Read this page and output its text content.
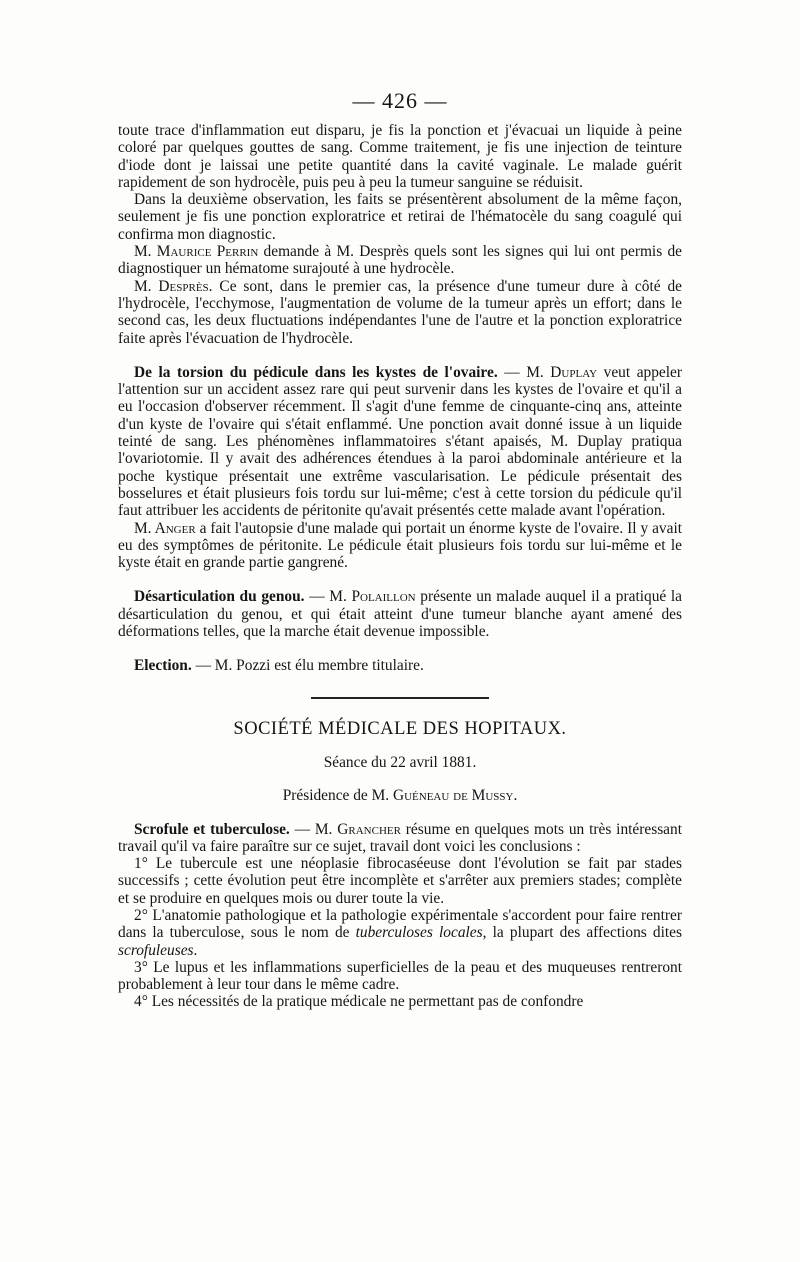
— 426 —

toute trace d'inflammation eut disparu, je fis la ponction et j'évacuai un liquide à peine coloré par quelques gouttes de sang. Comme traitement, je fis une injection de teinture d'iode dont je laissai une petite quantité dans la cavité vaginale. Le malade guérit rapidement de son hydrocèle, puis peu à peu la tumeur sanguine se réduisit.

Dans la deuxième observation, les faits se présentèrent absolument de la même façon, seulement je fis une ponction exploratrice et retirai de l'hématocèle du sang coagulé qui confirma mon diagnostic.

M. Maurice Perrin demande à M. Desprès quels sont les signes qui lui ont permis de diagnostiquer un hématome surajouté à une hydrocèle.

M. Desprès. Ce sont, dans le premier cas, la présence d'une tumeur dure à côté de l'hydrocèle, l'ecchymose, l'augmentation de volume de la tumeur après un effort; dans le second cas, les deux fluctuations indépendantes l'une de l'autre et la ponction exploratrice faite après l'évacuation de l'hydrocèle.

De la torsion du pédicule dans les kystes de l'ovaire. — M. Duplay veut appeler l'attention sur un accident assez rare qui peut survenir dans les kystes de l'ovaire et qu'il a eu l'occasion d'observer récemment. Il s'agit d'une femme de cinquante-cinq ans, atteinte d'un kyste de l'ovaire qui s'était enflammé. Une ponction avait donné issue à un liquide teinté de sang. Les phénomènes inflammatoires s'étant apaisés, M. Duplay pratiqua l'ovariotomie. Il y avait des adhérences étendues à la paroi abdominale antérieure et la poche kystique présentait une extrême vascularisation. Le pédicule présentait des bosselures et était plusieurs fois tordu sur lui-même; c'est à cette torsion du pédicule qu'il faut attribuer les accidents de péritonite qu'avait présentés cette malade avant l'opération.

M. Anger a fait l'autopsie d'une malade qui portait un énorme kyste de l'ovaire. Il y avait eu des symptômes de péritonite. Le pédicule était plusieurs fois tordu sur lui-même et le kyste était en grande partie gangrené.

Désarticulation du genou. — M. Polaillon présente un malade auquel il a pratiqué la désarticulation du genou, et qui était atteint d'une tumeur blanche ayant amené des déformations telles, que la marche était devenue impossible.

Election. — M. Pozzi est élu membre titulaire.

SOCIÉTÉ MÉDICALE DES HOPITAUX.
Séance du 22 avril 1881.
Présidence de M. Guéneau de Mussy.

Scrofule et tuberculose. — M. Grancher résume en quelques mots un très intéressant travail qu'il va faire paraître sur ce sujet, travail dont voici les conclusions :

1° Le tubercule est une néoplasie fibrocaséeuse dont l'évolution se fait par stades successifs ; cette évolution peut être incomplète et s'arrêter aux premiers stades; complète et se produire en quelques mois ou durer toute la vie.

2° L'anatomie pathologique et la pathologie expérimentale s'accordent pour faire rentrer dans la tuberculose, sous le nom de tuberculoses locales, la plupart des affections dites scrofuleuses.

3° Le lupus et les inflammations superficielles de la peau et des muqueuses rentreront probablement à leur tour dans le même cadre.

4° Les nécessités de la pratique médicale ne permettant pas de confondre
